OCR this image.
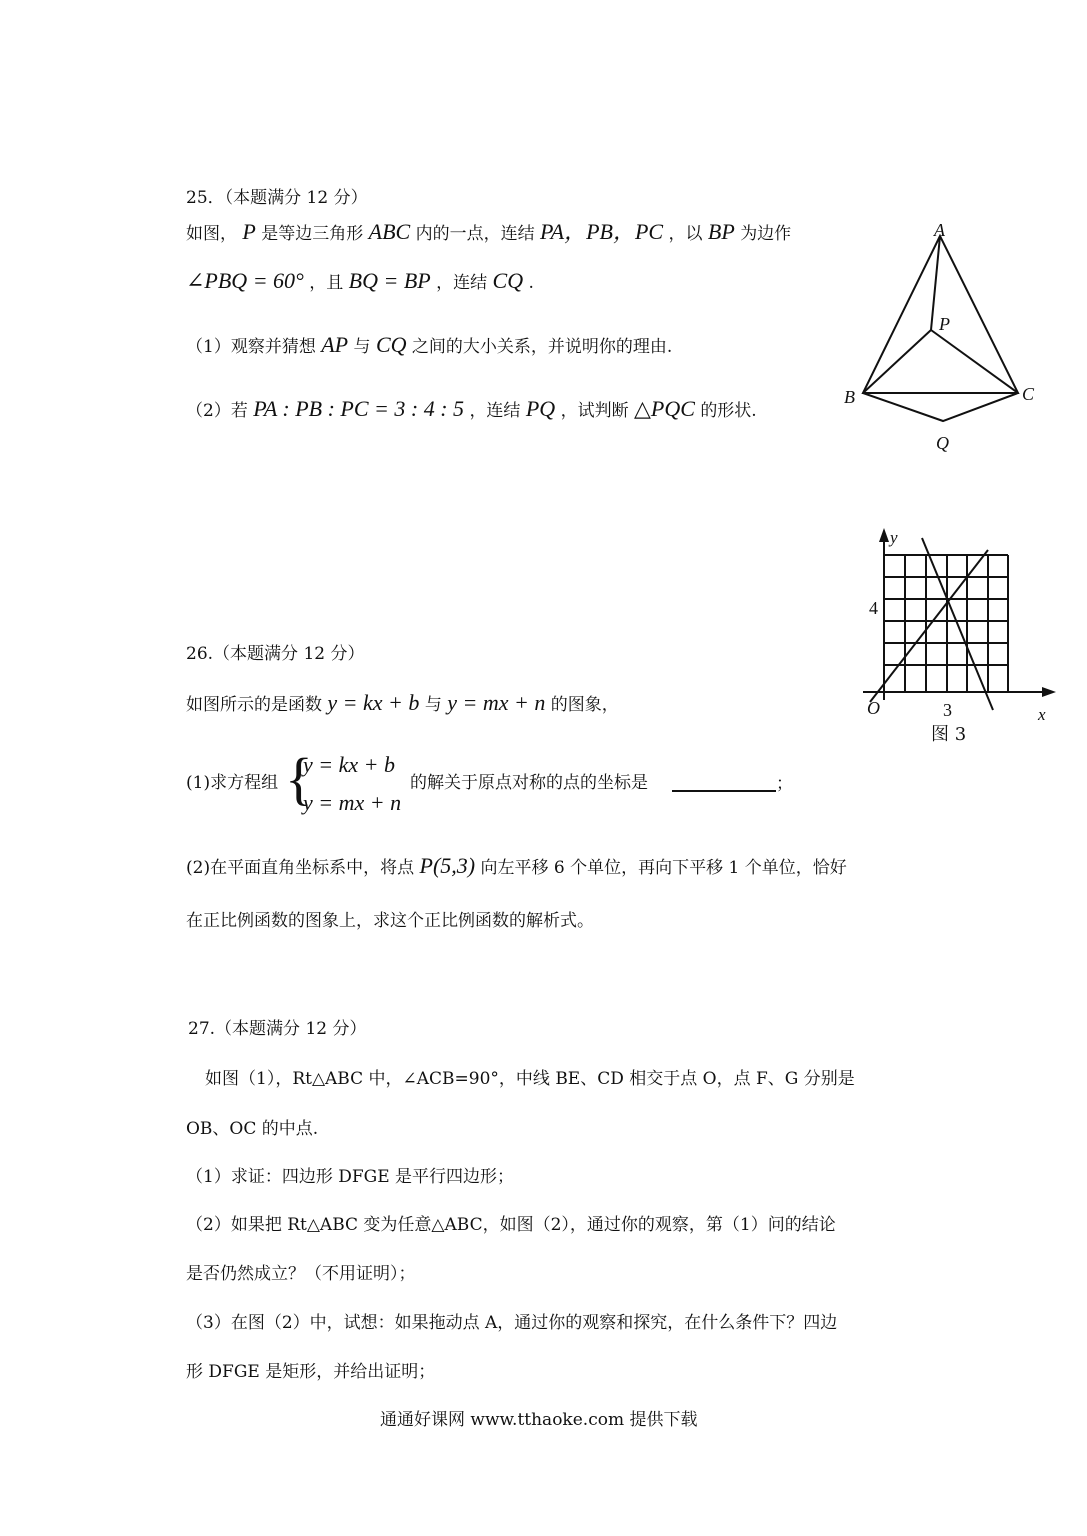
25．（本题满分 12 分）
如图， P 是等边三角形 ABC 内的一点，连结 PA，PB，PC ，以 BP 为边作
∠PBQ = 60° ，且 BQ = BP ，连结 CQ .
（1）观察并猜想 AP 与 CQ 之间的大小关系，并说明你的理由.
（2）若 PA : PB : PC = 3 : 4 : 5 ，连结 PQ ，试判断 △PQC 的形状.
A
P
B	C
Q
26.（本题满分 12 分）
如图所示的是函数 y = kx + b 与 y = mx + n 的图象，
(1)求方程组 {
y = kx + b
y = mx + n
的解关于原点对称的点的坐标是	；
(2)在平面直角坐标系中，将点 P(5,3) 向左平移 6 个单位，再向下平移 1 个单位，恰好
在正比例函数的图象上，求这个正比例函数的解析式。
y
x
O
4
3
图 3
27.（本题满分 12 分）
如图（1），Rt△ABC 中，∠ACB=90°，中线 BE、CD 相交于点 O，点 F、G 分别是
OB、OC 的中点.
（1）求证：四边形 DFGE 是平行四边形；
（2）如果把 Rt△ABC 变为任意△ABC，如图（2），通过你的观察，第（1）问的结论
是否仍然成立？（不用证明）；
（3）在图（2）中，试想：如果拖动点 A，通过你的观察和探究，在什么条件下？四边
形 DFGE 是矩形，并给出证明；
通通好课网 www.tthaoke.com 提供下载
